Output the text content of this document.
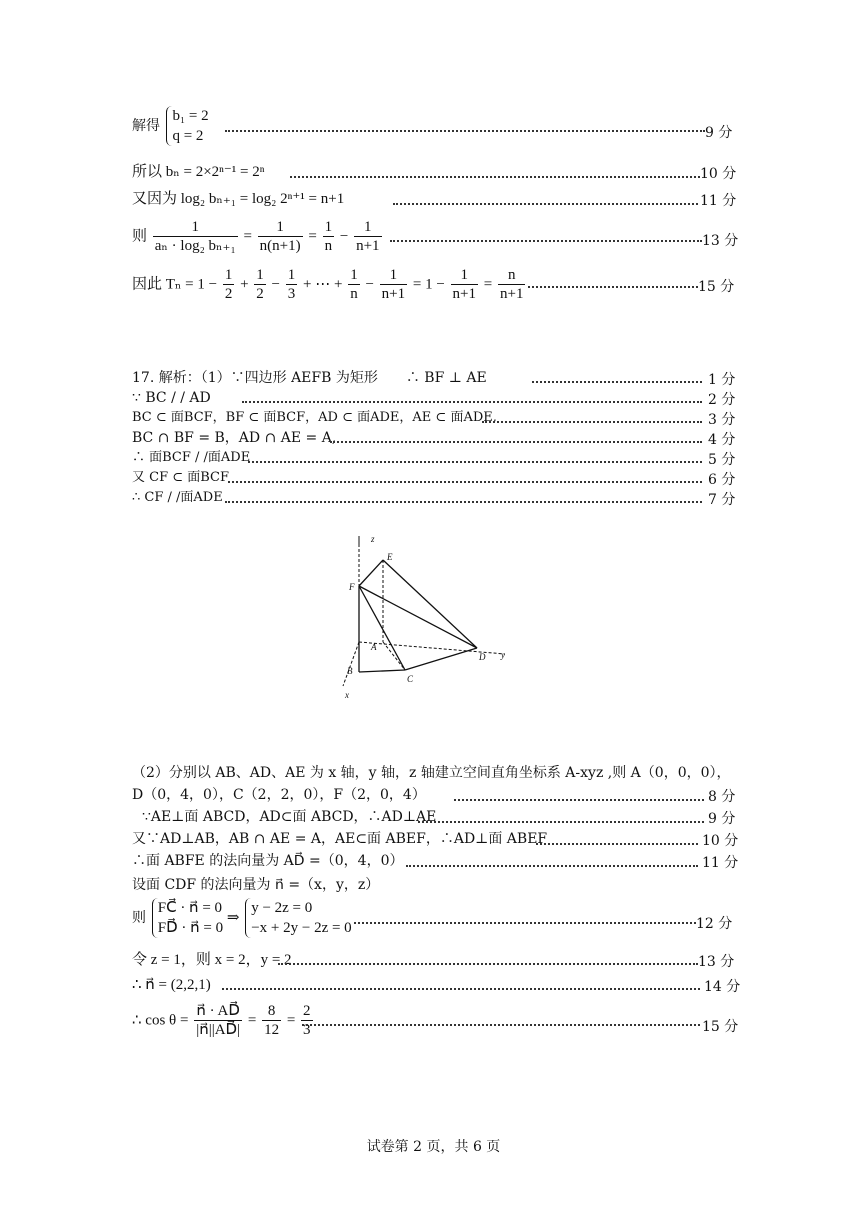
解得
b₁ = 2
q = 2	9 分
所以 bₙ = 2×2ⁿ⁻¹ = 2ⁿ	10 分
又因为 log₂ bₙ₊₁ = log₂ 2ⁿ⁺¹ = n+1	11 分
则 $\frac{1}{\text{aₙ · log₂ bₙ₊₁}} = \frac{1}{n(n+1)} = \frac{1}{n} - \frac{1}{n+1}$	13 分
因此 $T_n = 1 - \frac{1}{2} + \frac{1}{2} - \frac{1}{3}$ + ⋯ + $\frac{1}{n} - \frac{1}{n+1} = 1 - \frac{1}{n+1} = \frac{n}{n+1}$	15 分
17. 解析：（1）∵四边形 AEFB 为矩形　　∴ BF ⊥ AE	1 分
∵ BC / / AD	2 分
BC ⊂ 面BCF，BF ⊂ 面BCF，AD ⊂ 面ADE，AE ⊂ 面ADE,	3 分
BC ∩ BF = B，AD ∩ AE = A,	4 分
∴ 面BCF / /面ADE	5 分
又 CF ⊂ 面BCF	6 分
∴ CF / /面ADE	7 分
z
E
F
A
D y
B
C
x
（2）分别以 AB、AD、AE 为 x 轴，y 轴，z 轴建立空间直角坐标系 A-xyz ,则 A（0，0，0），
D（0，4，0），C（2，2，0），F（2，0，4）	8 分
∵AE⊥面 ABCD，AD⊂面 ABCD，∴AD⊥AE	9 分
又∵AD⊥AB，AB ∩ AE = A，AE⊂面 ABEF，∴AD⊥面 ABEF	10 分
∴面 ABFE 的法向量为 AD⃗ =（0，4，0）	11 分
设面 CDF 的法向量为 n⃗ =（x，y，z）
则
FC⃗ · n⃗ = 0
FD⃗ · n⃗ = 0
⇒
y − 2z = 0
−x + 2y − 2z = 0	12 分
令 z = 1，则 x = 2，y = 2	13 分
∴ n⃗ = (2,2,1)	14 分
∴ $\cos \theta = \frac{n⃗ \cdot AD⃗}{|n⃗||AD⃗|} = \frac{8}{12} = \frac{2}{3}$	15 分
试卷第 2 页，共 6 页
